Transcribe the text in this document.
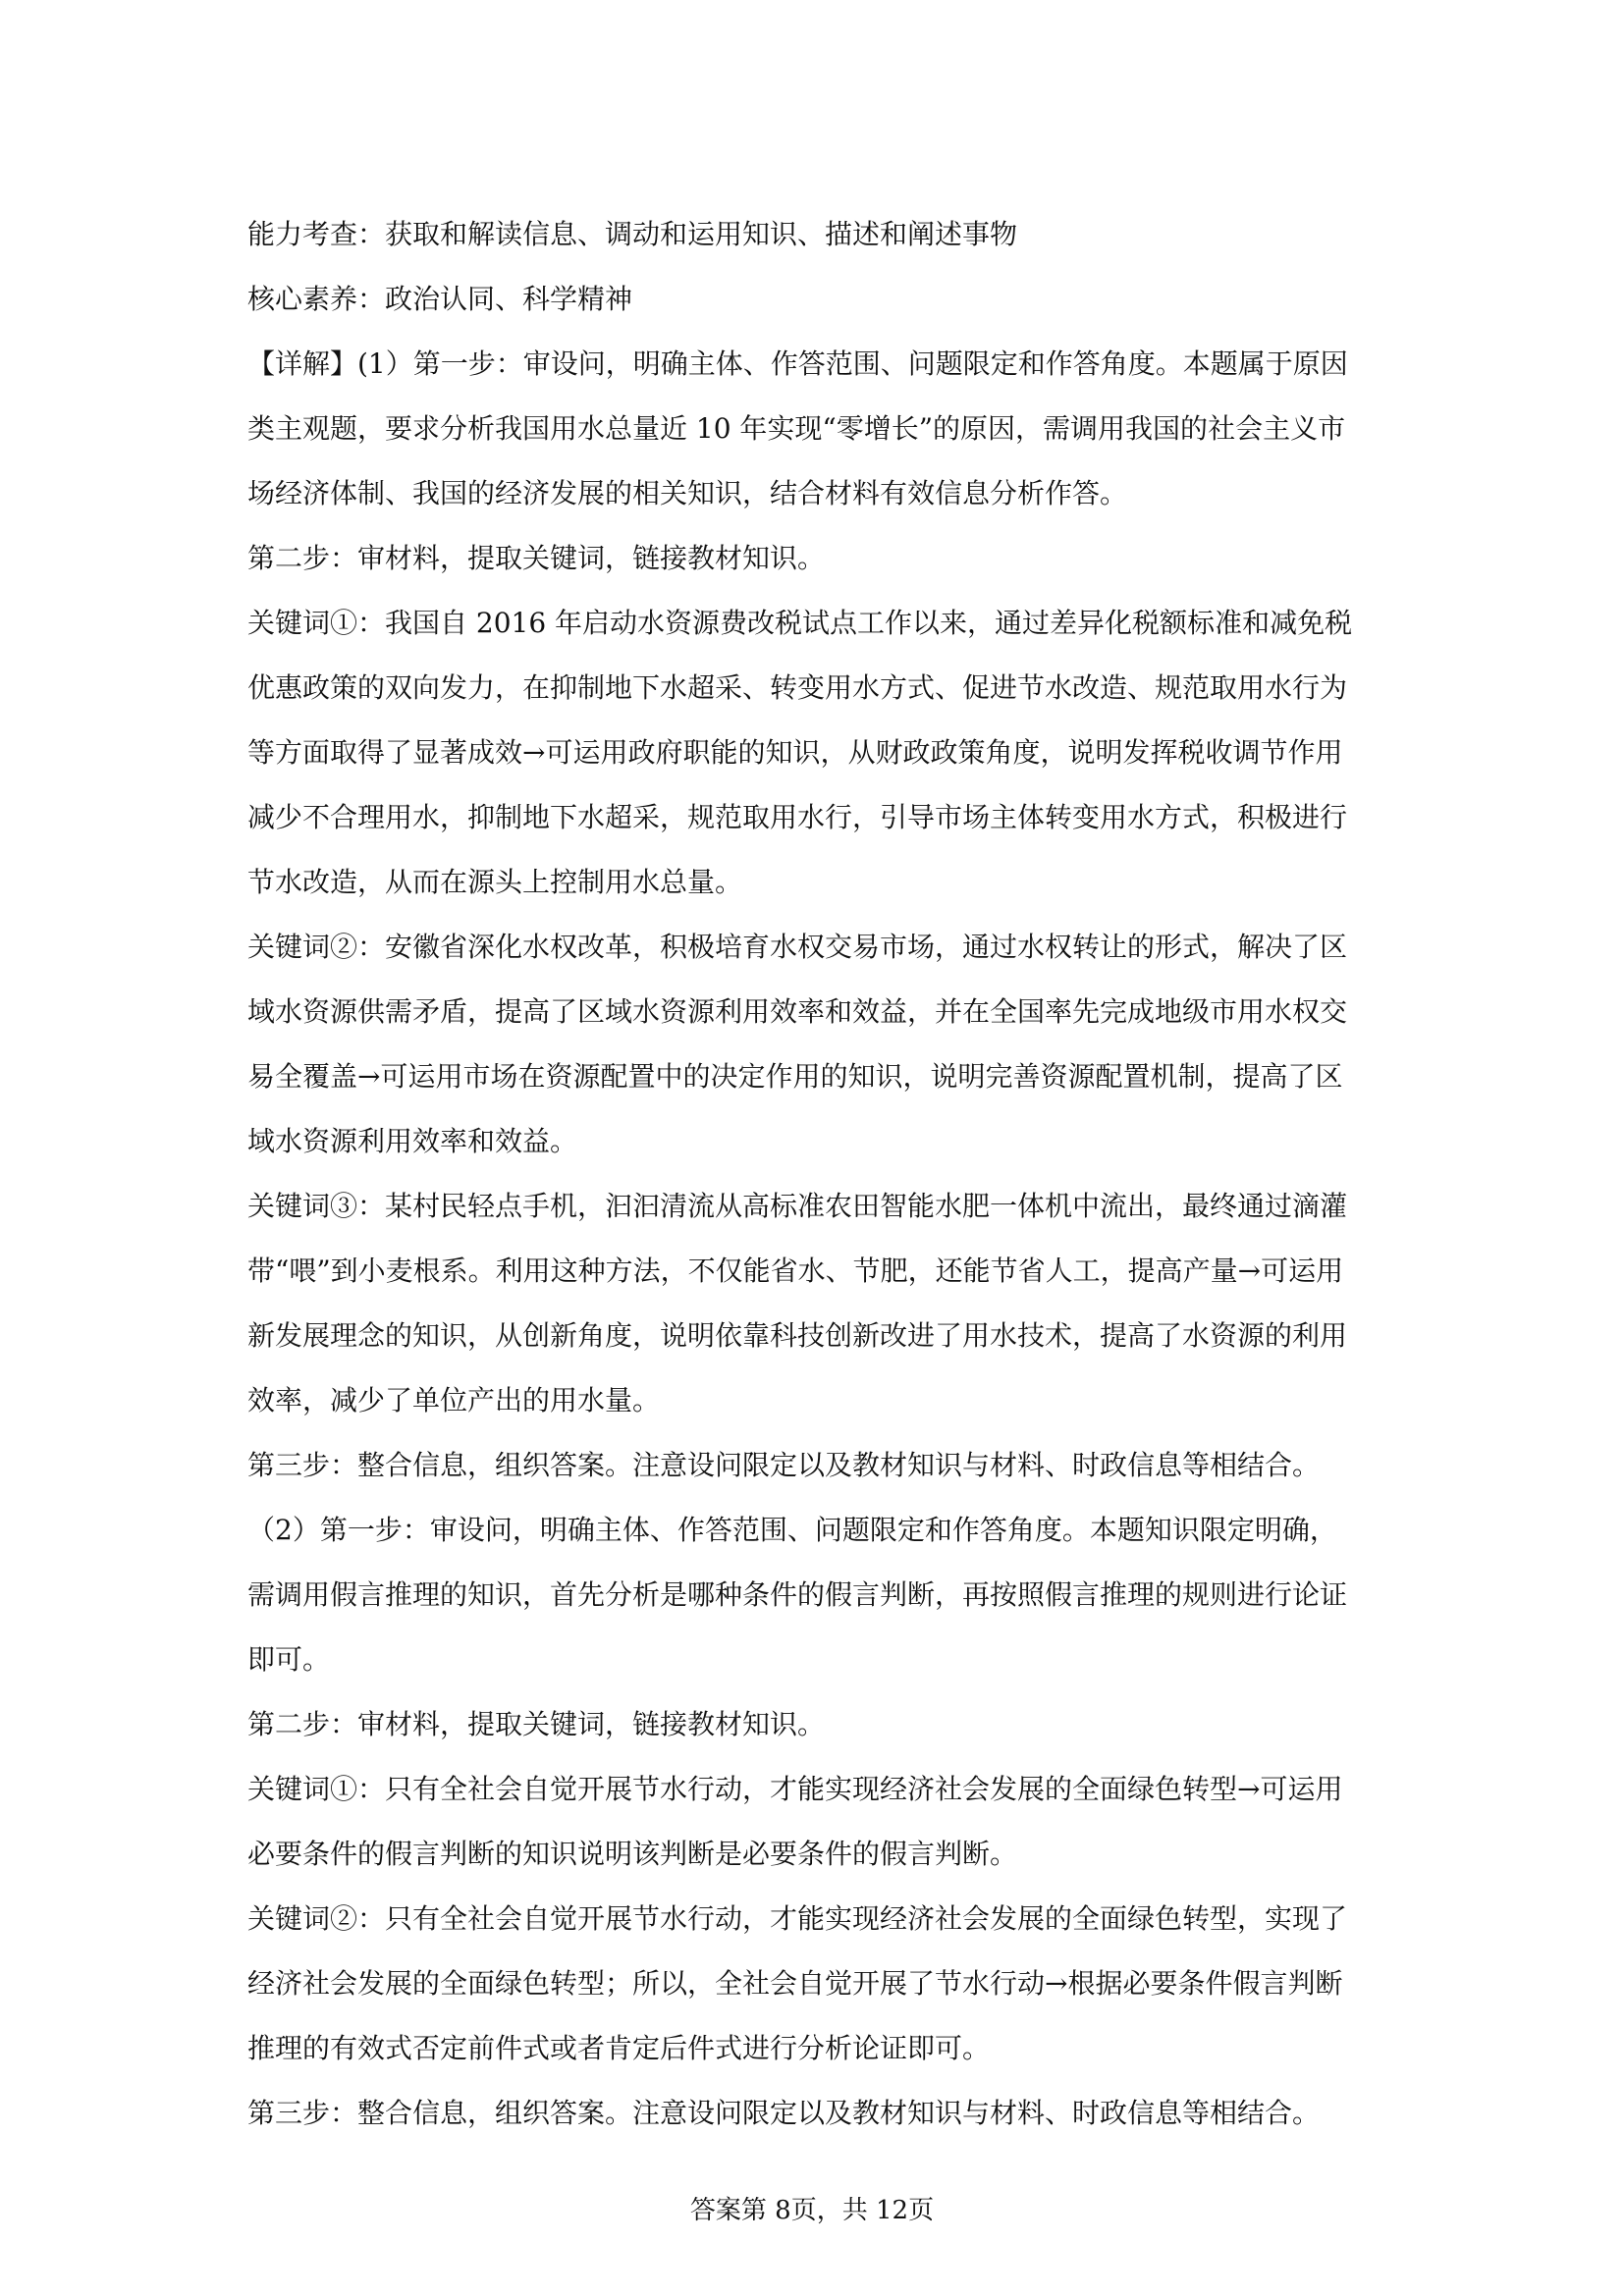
能力考查：获取和解读信息、调动和运用知识、描述和阐述事物
核心素养：政治认同、科学精神
【详解】(1）第一步：审设问，明确主体、作答范围、问题限定和作答角度。本题属于原因
类主观题，要求分析我国用水总量近 10 年实现“零增长”的原因，需调用我国的社会主义市
场经济体制、我国的经济发展的相关知识，结合材料有效信息分析作答。
第二步：审材料，提取关键词，链接教材知识。
关键词①：我国自 2016 年启动水资源费改税试点工作以来，通过差异化税额标准和减免税
优惠政策的双向发力，在抑制地下水超采、转变用水方式、促进节水改造、规范取用水行为
等方面取得了显著成效→可运用政府职能的知识，从财政政策角度，说明发挥税收调节作用
减少不合理用水，抑制地下水超采，规范取用水行，引导市场主体转变用水方式，积极进行
节水改造，从而在源头上控制用水总量。
关键词②：安徽省深化水权改革，积极培育水权交易市场，通过水权转让的形式，解决了区
域水资源供需矛盾，提高了区域水资源利用效率和效益，并在全国率先完成地级市用水权交
易全覆盖→可运用市场在资源配置中的决定作用的知识，说明完善资源配置机制，提高了区
域水资源利用效率和效益。
关键词③：某村民轻点手机，汩汩清流从高标准农田智能水肥一体机中流出，最终通过滴灌
带“喂”到小麦根系。利用这种方法，不仅能省水、节肥，还能节省人工，提高产量→可运用
新发展理念的知识，从创新角度，说明依靠科技创新改进了用水技术，提高了水资源的利用
效率，减少了单位产出的用水量。
第三步：整合信息，组织答案。注意设问限定以及教材知识与材料、时政信息等相结合。
（2）第一步：审设问，明确主体、作答范围、问题限定和作答角度。本题知识限定明确，
需调用假言推理的知识，首先分析是哪种条件的假言判断，再按照假言推理的规则进行论证
即可。
第二步：审材料，提取关键词，链接教材知识。
关键词①：只有全社会自觉开展节水行动，才能实现经济社会发展的全面绿色转型→可运用
必要条件的假言判断的知识说明该判断是必要条件的假言判断。
关键词②：只有全社会自觉开展节水行动，才能实现经济社会发展的全面绿色转型，实现了
经济社会发展的全面绿色转型；所以，全社会自觉开展了节水行动→根据必要条件假言判断
推理的有效式否定前件式或者肯定后件式进行分析论证即可。
第三步：整合信息，组织答案。注意设问限定以及教材知识与材料、时政信息等相结合。
答案第 8页，共 12页
